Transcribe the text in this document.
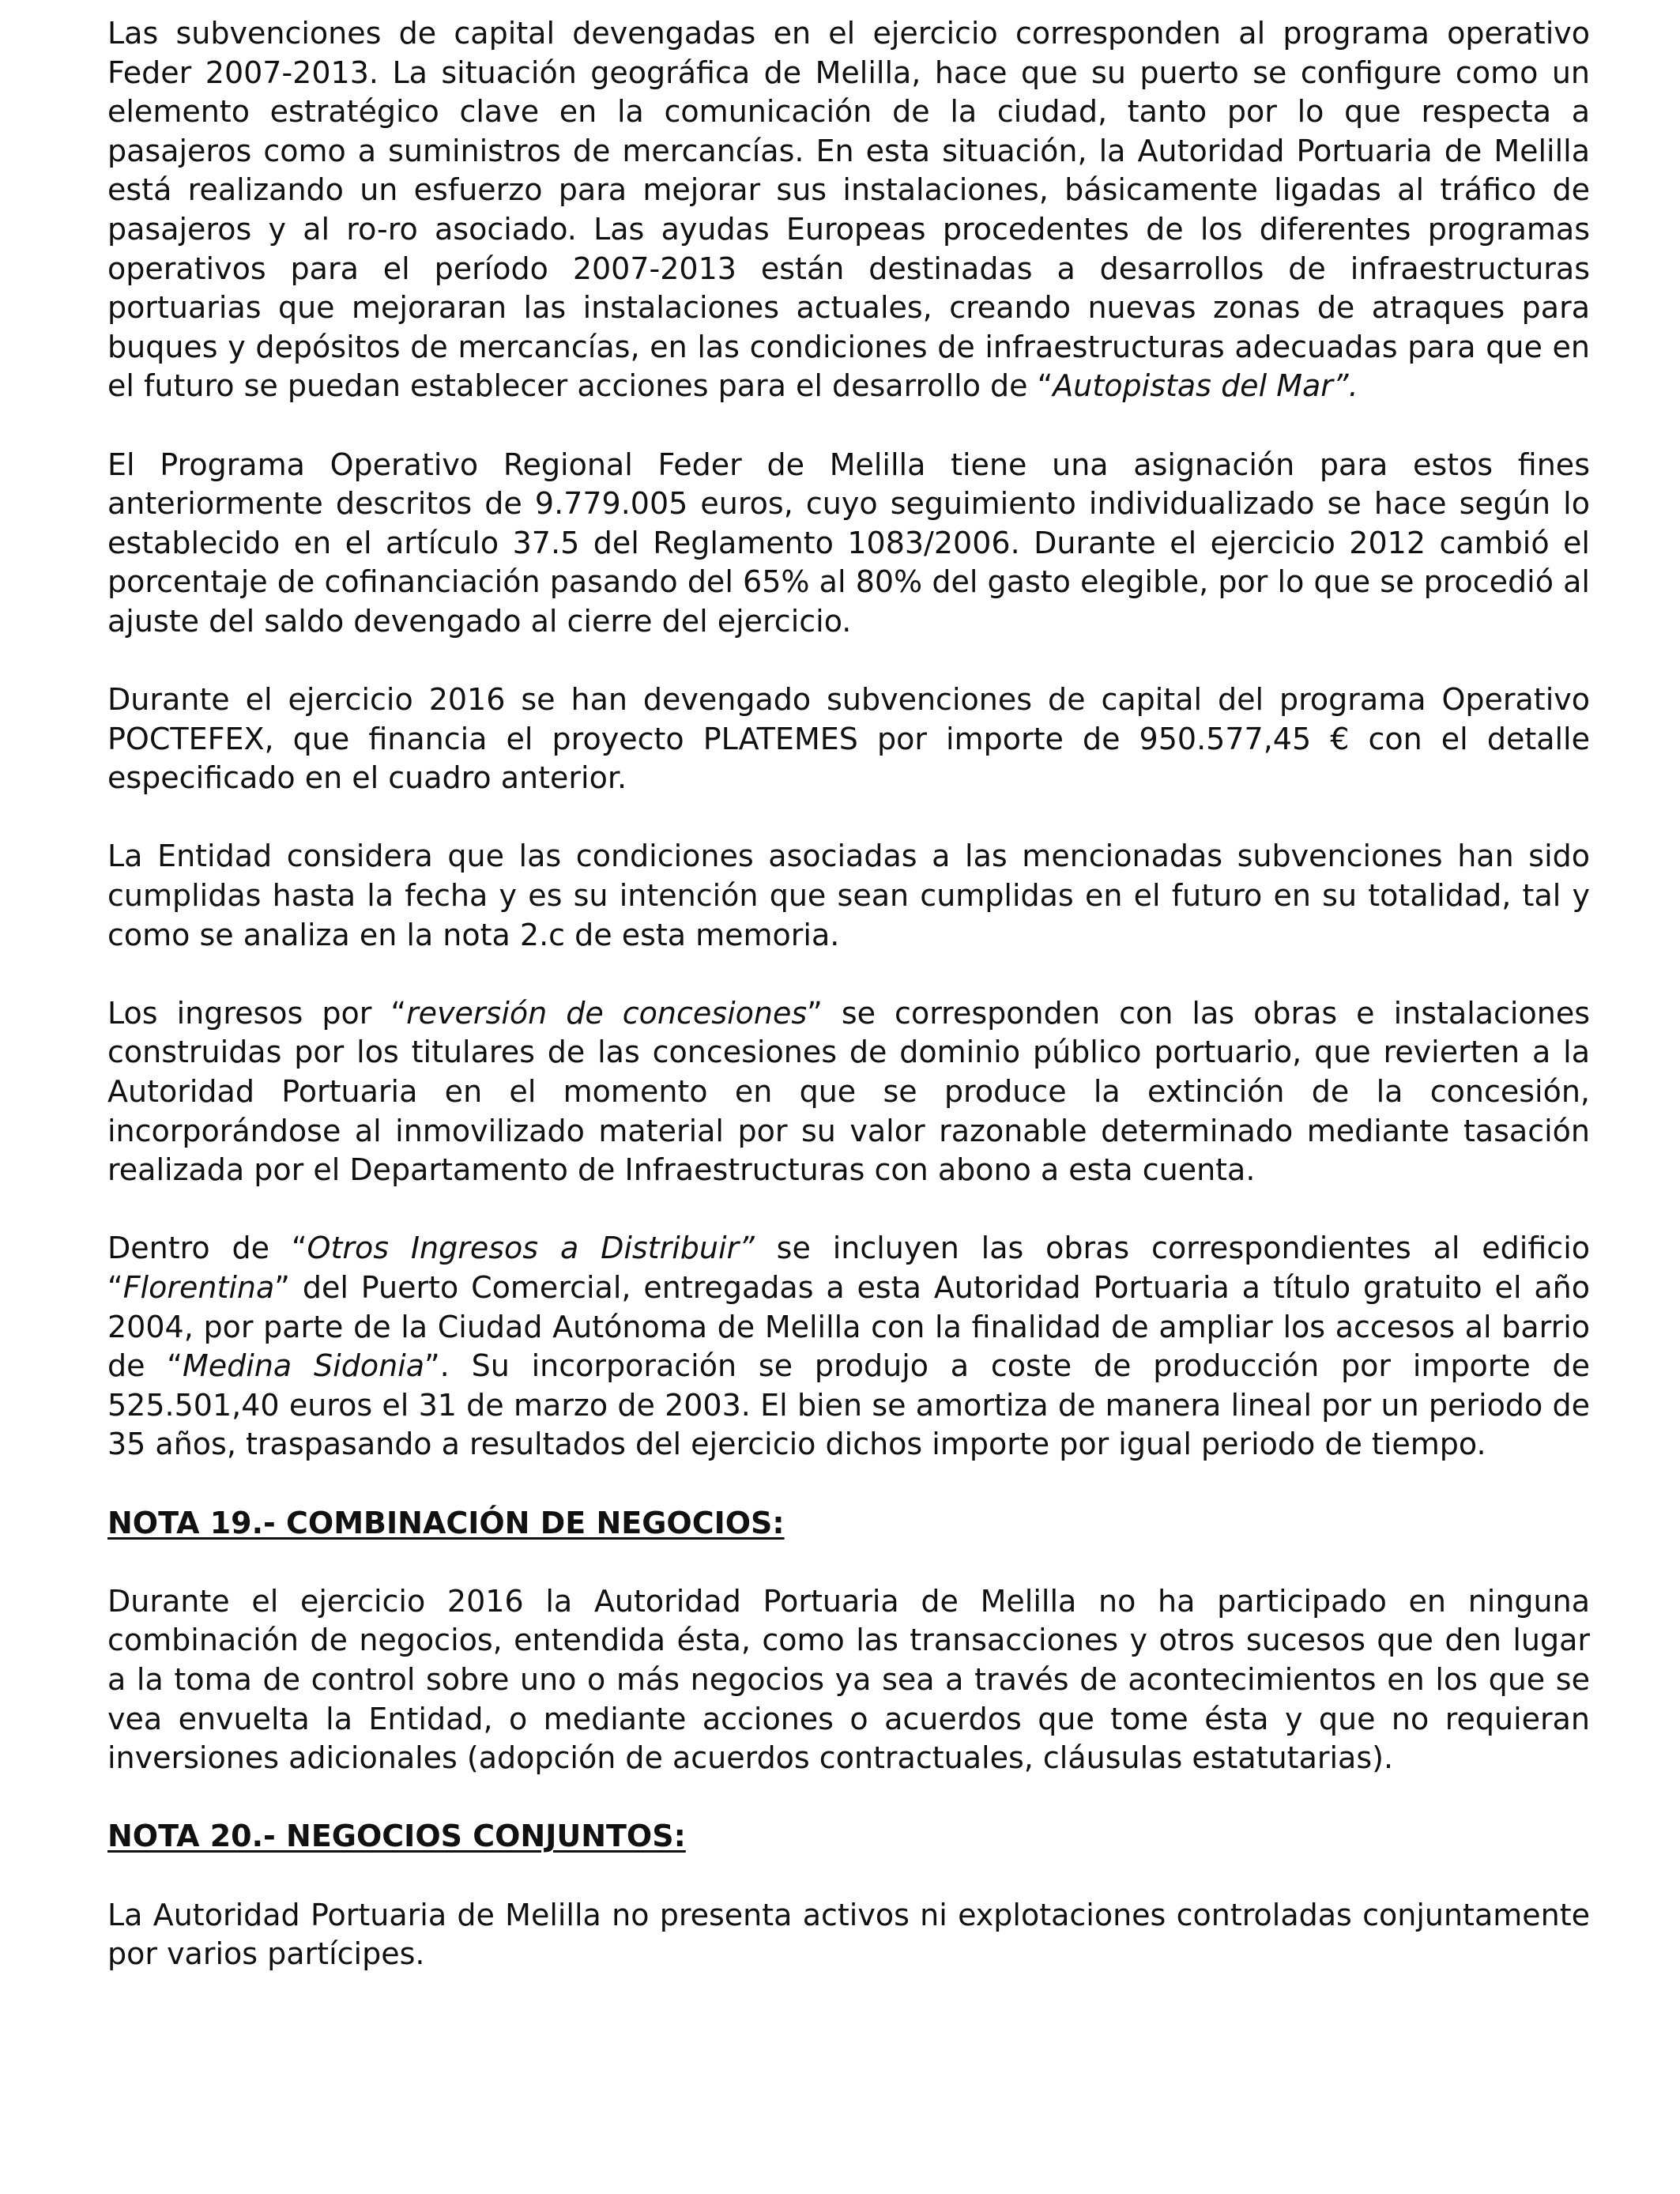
Las subvenciones de capital devengadas en el ejercicio corresponden al programa operativo Feder 2007-2013. La situación geográfica de Melilla, hace que su puerto se configure como un elemento estratégico clave en la comunicación de la ciudad, tanto por lo que respecta a pasajeros como a suministros de mercancías. En esta situación, la Autoridad Portuaria de Melilla está realizando un esfuerzo para mejorar sus instalaciones, básicamente ligadas al tráfico de pasajeros y al ro-ro asociado. Las ayudas Europeas procedentes de los diferentes programas operativos para el período 2007-2013 están destinadas a desarrollos de infraestructuras portuarias que mejoraran las instalaciones actuales, creando nuevas zonas de atraques para buques y depósitos de mercancías, en las condiciones de infraestructuras adecuadas para que en el futuro se puedan establecer acciones para el desarrollo de “Autopistas del Mar”.

El Programa Operativo Regional Feder de Melilla tiene una asignación para estos fines anteriormente descritos de 9.779.005 euros, cuyo seguimiento individualizado se hace según lo establecido en el artículo 37.5 del Reglamento 1083/2006. Durante el ejercicio 2012 cambió el porcentaje de cofinanciación pasando del 65% al 80% del gasto elegible, por lo que se procedió al ajuste del saldo devengado al cierre del ejercicio.

Durante el ejercicio 2016 se han devengado subvenciones de capital del programa Operativo POCTEFEX, que financia el proyecto PLATEMES por importe de 950.577,45 € con el detalle especificado en el cuadro anterior.

La Entidad considera que las condiciones asociadas a las mencionadas subvenciones han sido cumplidas hasta la fecha y es su intención que sean cumplidas en el futuro en su totalidad, tal y como se analiza en la nota 2.c de esta memoria.

Los ingresos por “reversión de concesiones” se corresponden con las obras e instalaciones construidas por los titulares de las concesiones de dominio público portuario, que revierten a la Autoridad Portuaria en el momento en que se produce la extinción de la concesión, incorporándose al inmovilizado material por su valor razonable determinado mediante tasación realizada por el Departamento de Infraestructuras con abono a esta cuenta.

Dentro de “Otros Ingresos a Distribuir” se incluyen las obras correspondientes al edificio “Florentina” del Puerto Comercial, entregadas a esta Autoridad Portuaria a título gratuito el año 2004, por parte de la Ciudad Autónoma de Melilla con la finalidad de ampliar los accesos al barrio de “Medina Sidonia”. Su incorporación se produjo a coste de producción por importe de 525.501,40 euros el 31 de marzo de 2003. El bien se amortiza de manera lineal por un periodo de 35 años, traspasando a resultados del ejercicio dichos importe por igual periodo de tiempo.

NOTA 19.- COMBINACIÓN DE NEGOCIOS:

Durante el ejercicio 2016 la Autoridad Portuaria de Melilla no ha participado en ninguna combinación de negocios, entendida ésta, como las transacciones y otros sucesos que den lugar a la toma de control sobre uno o más negocios ya sea a través de acontecimientos en los que se vea envuelta la Entidad, o mediante acciones o acuerdos que tome ésta y que no requieran inversiones adicionales (adopción de acuerdos contractuales, cláusulas estatutarias).

NOTA 20.- NEGOCIOS CONJUNTOS:

La Autoridad Portuaria de Melilla no presenta activos ni explotaciones controladas conjuntamente por varios partícipes.
